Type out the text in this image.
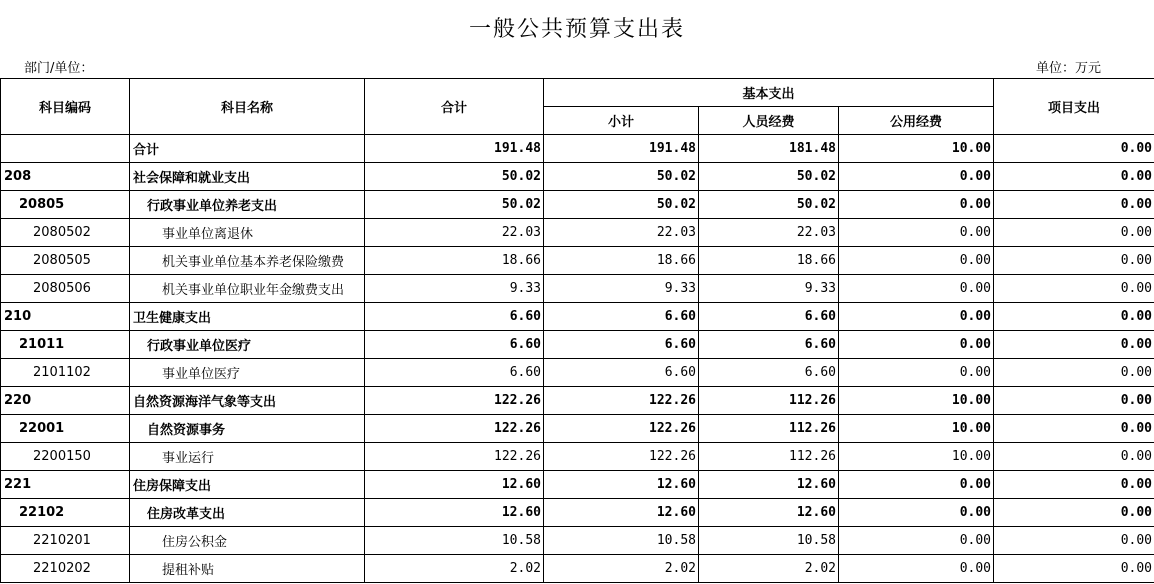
一般公共预算支出表
部门/单位：	单位：万元
科目编码	科目名称	合计	基本支出			项目支出
			小计	人员经费	公用经费	
	合计	191.48	191.48	181.48	10.00	0.00
208	社会保障和就业支出	50.02	50.02	50.02	0.00	0.00
20805	行政事业单位养老支出	50.02	50.02	50.02	0.00	0.00
2080502	事业单位离退休	22.03	22.03	22.03	0.00	0.00
2080505	机关事业单位基本养老保险缴费	18.66	18.66	18.66	0.00	0.00
2080506	机关事业单位职业年金缴费支出	9.33	9.33	9.33	0.00	0.00
210	卫生健康支出	6.60	6.60	6.60	0.00	0.00
21011	行政事业单位医疗	6.60	6.60	6.60	0.00	0.00
2101102	事业单位医疗	6.60	6.60	6.60	0.00	0.00
220	自然资源海洋气象等支出	122.26	122.26	112.26	10.00	0.00
22001	自然资源事务	122.26	122.26	112.26	10.00	0.00
2200150	事业运行	122.26	122.26	112.26	10.00	0.00
221	住房保障支出	12.60	12.60	12.60	0.00	0.00
22102	住房改革支出	12.60	12.60	12.60	0.00	0.00
2210201	住房公积金	10.58	10.58	10.58	0.00	0.00
2210202	提租补贴	2.02	2.02	2.02	0.00	0.00
